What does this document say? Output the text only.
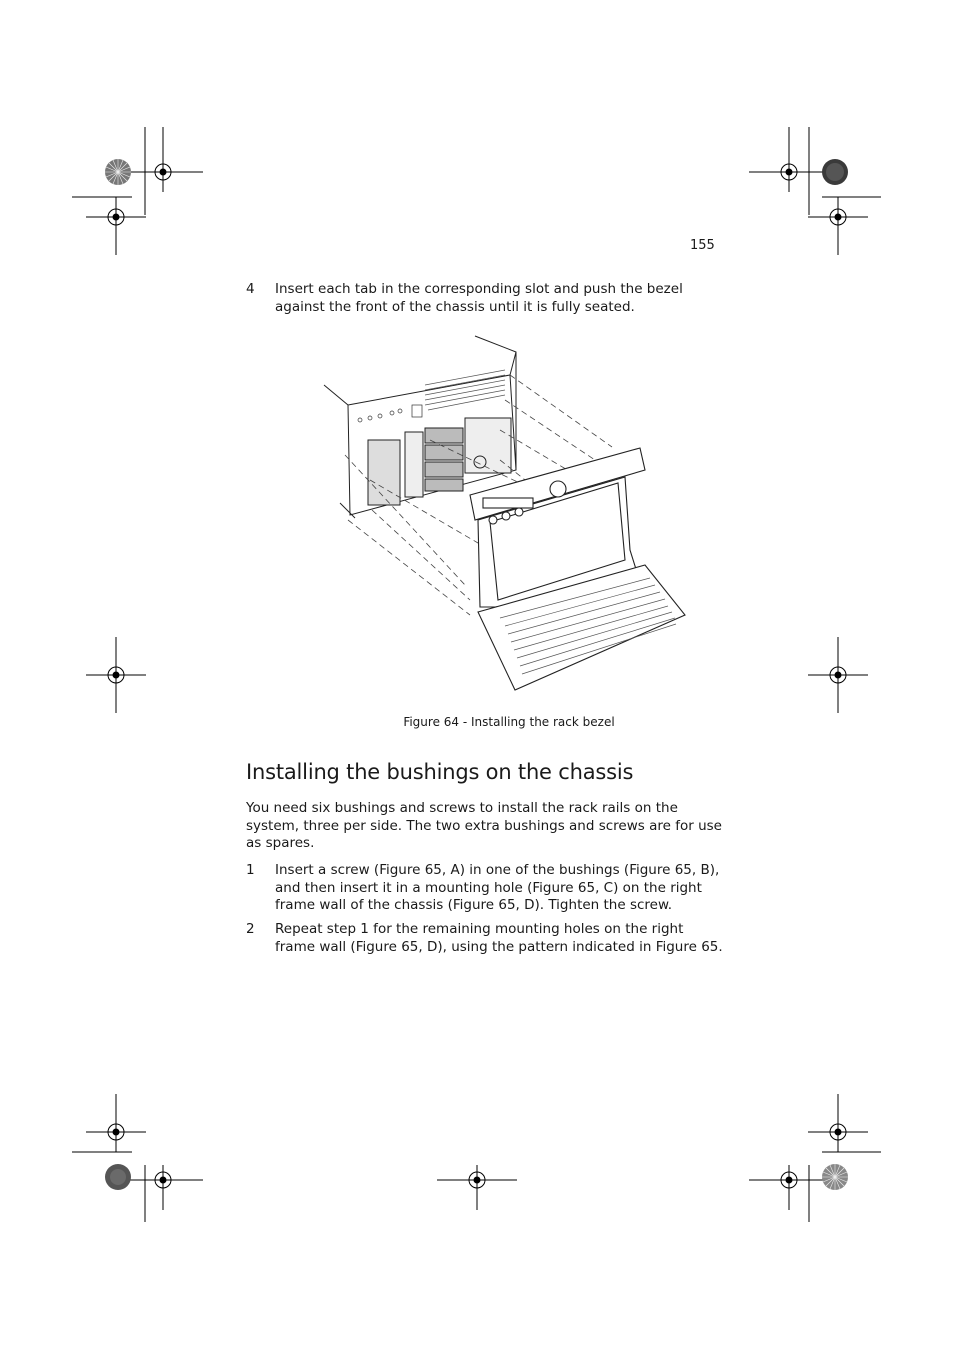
155
4 Insert each tab in the corresponding slot and push the bezel against the front of the chassis until it is fully seated.
Figure 64 - Installing the rack bezel
Installing the bushings on the chassis

You need six bushings and screws to install the rack rails on the system, three per side. The two extra bushings and screws are for use as spares.

1 Insert a screw (Figure 65, A) in one of the bushings (Figure 65, B), and then insert it in a mounting hole (Figure 65, C) on the right frame wall of the chassis (Figure 65, D). Tighten the screw.
2 Repeat step 1 for the remaining mounting holes on the right frame wall (Figure 65, D), using the pattern indicated in Figure 65.
